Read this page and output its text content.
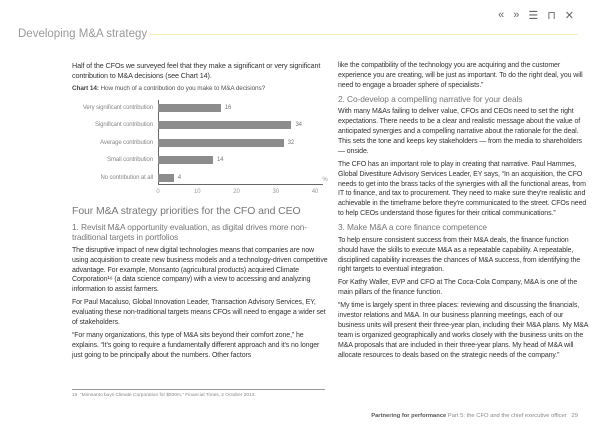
« » ☰ ⊓ ✕
Developing M&A strategy

Half of the CFOs we surveyed feel that they make a significant or very significant contribution to M&A decisions (see Chart 14).

Chart 14: How much of a contribution do you make to M&A decisions?
%
Very significant contribution	16
Significant contribution	34
Average contribution	32
Small contribution	14
No contribution at all	4
0	10	20	30	40
Four M&A strategy priorities for the CFO and CEO
1. Revisit M&A opportunity evaluation, as digital drives more non-traditional targets in portfolios

The disruptive impact of new digital technologies means that companies are now using acquisition to create new business models and a technology-driven competitive advantage. For example, Monsanto (agricultural products) acquired Climate Corporation¹⁶ (a data science company) with a view to accessing and analyzing information to assist farmers.

For Paul Macaluso, Global Innovation Leader, Transaction Advisory Services, EY, evaluating these non-traditional targets means CFOs will need to engage a wider set of stakeholders.

“For many organizations, this type of M&A sits beyond their comfort zone,” he explains. “It's going to require a fundamentally different approach and it's no longer just going to be principally about the numbers. Other factors

like the compatibility of the technology you are acquiring and the customer experience you are creating, will be just as important. To do the right deal, you will need to engage a broader sphere of specialists.”

2. Co-develop a compelling narrative for your deals

With many M&As failing to deliver value, CFOs and CEOs need to set the right expectations. There needs to be a clear and realistic message about the value of anticipated synergies and a compelling narrative about the rationale for the deal. This sets the tone and keeps key stakeholders — from the media to shareholders — onside.

The CFO has an important role to play in creating that narrative. Paul Hammes, Global Divestiture Advisory Services Leader, EY says, “In an acquisition, the CFO needs to get into the brass tacks of the synergies with all the functional areas, from IT to finance, and tax to procurement. They need to make sure they're realistic and achievable in the timeframe before they're communicated to the street. CFOs need to help CEOs understand those figures for their critical communications.”

3. Make M&A a core finance competence

To help ensure consistent success from their M&A deals, the finance function should have the skills to execute M&A as a repeatable capability. A repeatable, disciplined capability increases the chances of M&A success, from identifying the right targets to eventual integration.

For Kathy Waller, EVP and CFO at The Coca-Cola Company, M&A is one of the main pillars of the finance function.

“My time is largely spent in three places: reviewing and discussing the financials, investor relations and M&A. In our business planning meetings, each of our business units will present their three-year plan, including their M&A plans. My M&A team is organized geographically and works closely with the business units on the M&A proposals that are included in their three-year plans. My head of M&A will allocate resources to deals based on the strategic needs of the company.”

16. “Monsanto buys Climate Corporation for $930m,” Financial Times, 2 October 2013.
Partnering for performance Part 5: the CFO and the chief executive officer 29
